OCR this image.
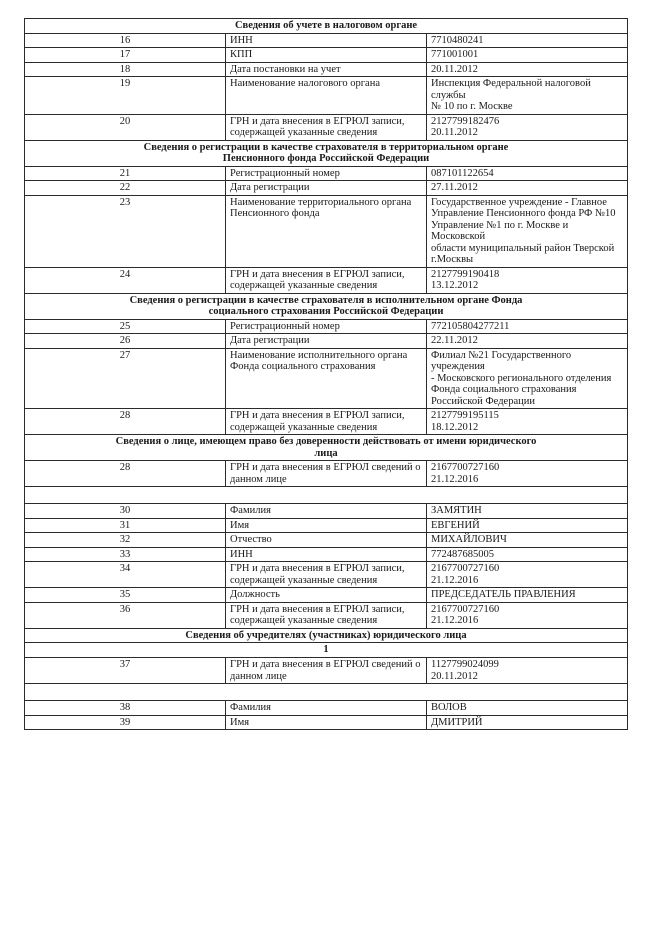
Сведения об учете в налоговом органе		
16	ИНН	7710480241
17	КПП	771001001
18	Дата постановки на учет	20.11.2012
19	Наименование налогового органа	Инспекция Федеральной налоговой службы
№ 10 по г. Москве
20	ГРН и дата внесения в ЕГРЮЛ записи,
содержащей указанные сведения	2127799182476
20.11.2012
Сведения о регистрации в качестве страхователя в территориальном органе
Пенсионного фонда Российской Федерации		
21	Регистрационный номер	087101122654
22	Дата регистрации	27.11.2012
23	Наименование территориального органа
Пенсионного фонда	Государственное учреждение - Главное
Управление Пенсионного фонда РФ №10
Управление №1 по г. Москве и Московской
области муниципальный район Тверской
г.Москвы
24	ГРН и дата внесения в ЕГРЮЛ записи,
содержащей указанные сведения	2127799190418
13.12.2012
Сведения о регистрации в качестве страхователя в исполнительном органе Фонда
социального страхования Российской Федерации		
25	Регистрационный номер	772105804277211
26	Дата регистрации	22.11.2012
27	Наименование исполнительного органа
Фонда социального страхования	Филиал №21 Государственного учреждения
- Московского регионального отделения
Фонда социального страхования
Российской Федерации
28	ГРН и дата внесения в ЕГРЮЛ записи,
содержащей указанные сведения	2127799195115
18.12.2012
Сведения о лице, имеющем право без доверенности действовать от имени юридического
лица		
28	ГРН и дата внесения в ЕГРЮЛ сведений о
данном лице	2167700727160
21.12.2016

30	Фамилия	ЗАМЯТИН
31	Имя	ЕВГЕНИЙ
32	Отчество	МИХАЙЛОВИЧ
33	ИНН	772487685005
34	ГРН и дата внесения в ЕГРЮЛ записи,
содержащей указанные сведения	2167700727160
21.12.2016
35	Должность	ПРЕДСЕДАТЕЛЬ ПРАВЛЕНИЯ
36	ГРН и дата внесения в ЕГРЮЛ записи,
содержащей указанные сведения	2167700727160
21.12.2016
Сведения об учредителях (участниках) юридического лица		
1		
37	ГРН и дата внесения в ЕГРЮЛ сведений о
данном лице	1127799024099
20.11.2012

38	Фамилия	ВОЛОВ
39	Имя	ДМИТРИЙ
